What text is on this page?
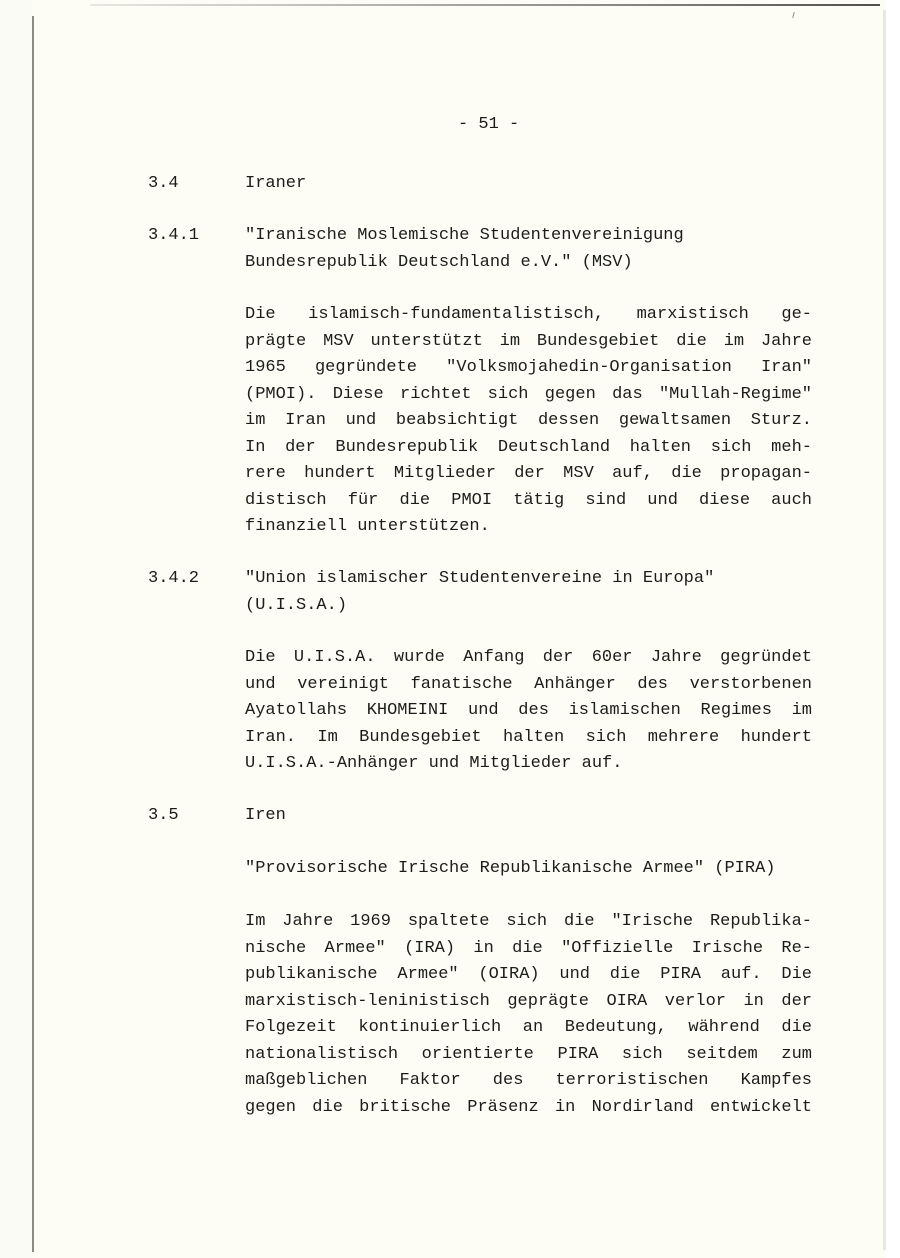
- 51 -
3.4	Iraner
3.4.1	"Iranische Moslemische Studentenvereinigung
Bundesrepublik Deutschland e.V." (MSV)
Die islamisch-fundamentalistisch, marxistisch ge-
prägte MSV unterstützt im Bundesgebiet die im Jahre
1965 gegründete "Volksmojahedin-Organisation Iran"
(PMOI). Diese richtet sich gegen das "Mullah-Regime"
im Iran und beabsichtigt dessen gewaltsamen Sturz.
In der Bundesrepublik Deutschland halten sich meh-
rere hundert Mitglieder der MSV auf, die propagan-
distisch für die PMOI tätig sind und diese auch
finanziell unterstützen.
3.4.2	"Union islamischer Studentenvereine in Europa"
(U.I.S.A.)
Die U.I.S.A. wurde Anfang der 60er Jahre gegründet
und vereinigt fanatische Anhänger des verstorbenen
Ayatollahs KHOMEINI und des islamischen Regimes im
Iran. Im Bundesgebiet halten sich mehrere hundert
U.I.S.A.-Anhänger und Mitglieder auf.
3.5	Iren
"Provisorische Irische Republikanische Armee" (PIRA)
Im Jahre 1969 spaltete sich die "Irische Republika-
nische Armee" (IRA) in die "Offizielle Irische Re-
publikanische Armee" (OIRA) und die PIRA auf. Die
marxistisch-leninistisch geprägte OIRA verlor in der
Folgezeit kontinuierlich an Bedeutung, während die
nationalistisch orientierte PIRA sich seitdem zum
maßgeblichen Faktor des terroristischen Kampfes
gegen die britische Präsenz in Nordirland entwickelt
